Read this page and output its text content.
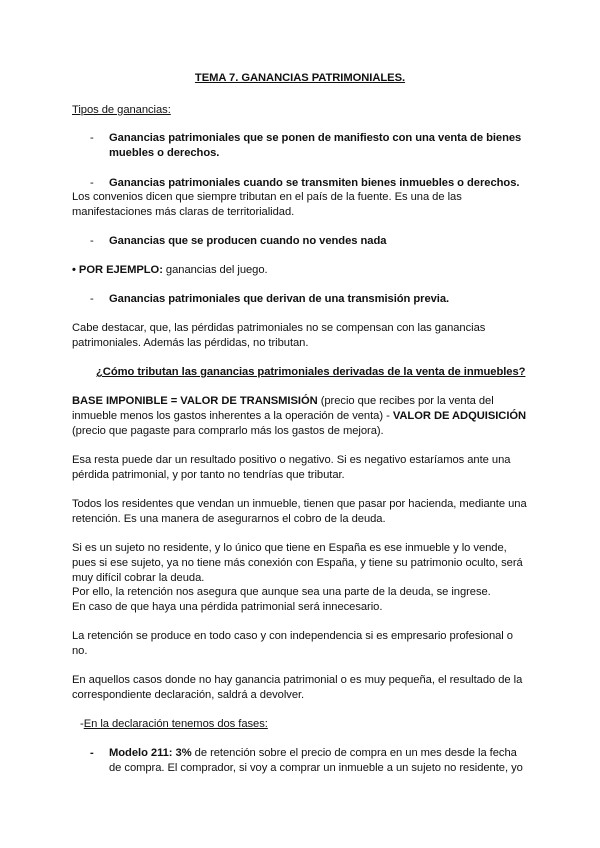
TEMA 7. GANANCIAS PATRIMONIALES.
Tipos de ganancias:
- Ganancias patrimoniales que se ponen de manifiesto con una venta de bienes
muebles o derechos.
- Ganancias patrimoniales cuando se transmiten bienes inmuebles o derechos.
Los convenios dicen que siempre tributan en el país de la fuente. Es una de las
manifestaciones más claras de territorialidad.
- Ganancias que se producen cuando no vendes nada
• POR EJEMPLO: ganancias del juego.
- Ganancias patrimoniales que derivan de una transmisión previa.
Cabe destacar, que, las pérdidas patrimoniales no se compensan con las ganancias
patrimoniales. Además las pérdidas, no tributan.
¿Cómo tributan las ganancias patrimoniales derivadas de la venta de inmuebles?
BASE IMPONIBLE = VALOR DE TRANSMISIÓN (precio que recibes por la venta del
inmueble menos los gastos inherentes a la operación de venta) - VALOR DE ADQUISICIÓN
(precio que pagaste para comprarlo más los gastos de mejora).
Esa resta puede dar un resultado positivo o negativo. Si es negativo estaríamos ante una
pérdida patrimonial, y por tanto no tendrías que tributar.
Todos los residentes que vendan un inmueble, tienen que pasar por hacienda, mediante una
retención. Es una manera de asegurarnos el cobro de la deuda.
Si es un sujeto no residente, y lo único que tiene en España es ese inmueble y lo vende,
pues si ese sujeto, ya no tiene más conexión con España, y tiene su patrimonio oculto, será
muy difícil cobrar la deuda.
Por ello, la retención nos asegura que aunque sea una parte de la deuda, se ingrese.
En caso de que haya una pérdida patrimonial será innecesario.
La retención se produce en todo caso y con independencia si es empresario profesional o
no.
En aquellos casos donde no hay ganancia patrimonial o es muy pequeña, el resultado de la
correspondiente declaración, saldrá a devolver.
-En la declaración tenemos dos fases:
- Modelo 211: 3% de retención sobre el precio de compra en un mes desde la fecha
de compra. El comprador, si voy a comprar un inmueble a un sujeto no residente, yo
